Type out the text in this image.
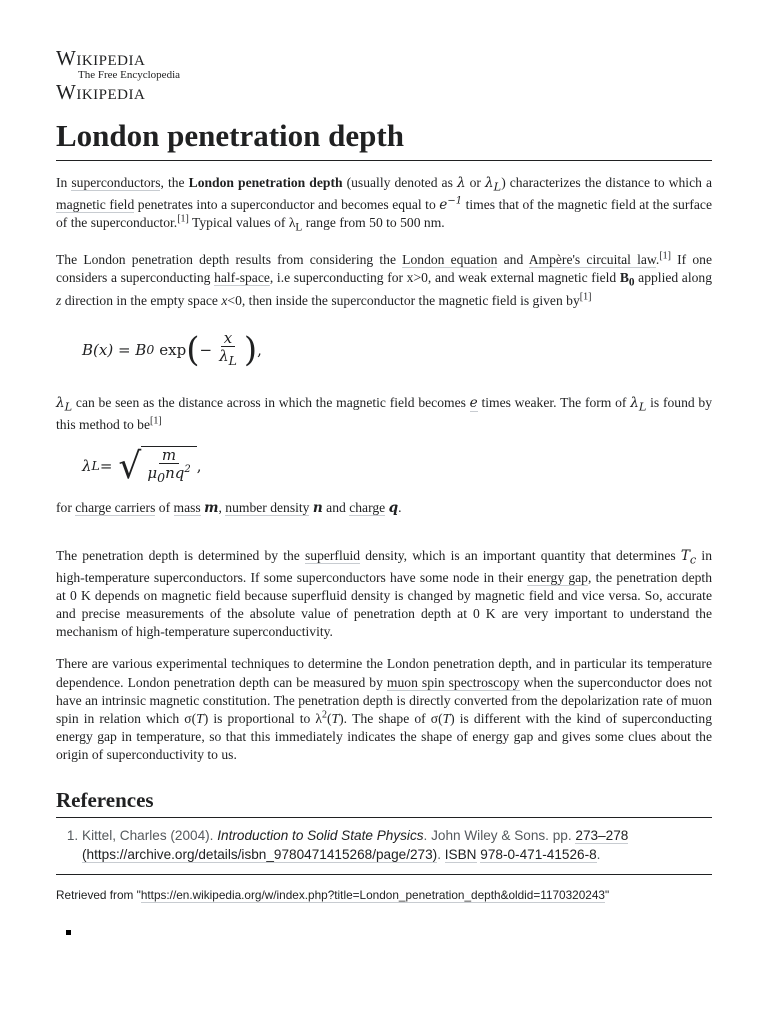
Wikipedia
The Free Encyclopedia
Wikipedia
London penetration depth

In superconductors, the London penetration depth (usually denoted as λ or $\lambda_L$) characterizes the distance to which a magnetic field penetrates into a superconductor and becomes equal to $e^{-1}$ times that of the magnetic field at the surface of the superconductor.[1] Typical values of $\lambda_L$ range from 50 to 500 nm.

The London penetration depth results from considering the London equation and Ampère's circuital law.[1] If one considers a superconducting half-space, i.e superconducting for x>0, and weak external magnetic field $B_0$ applied along z direction in the empty space x<0, then inside the superconductor the magnetic field is given by[1]

B(x) = B 0 exp ( − $\frac{x}{\lambda_L}$ ) ,

$\lambda_L$ can be seen as the distance across in which the magnetic field becomes e times weaker. The form of $\lambda_L$ is found by this method to be[1]

λ L = √ $\frac{m}{\mu_0nq^2}$ ,

for charge carriers of mass m, number density n and charge q.

The penetration depth is determined by the superfluid density, which is an important quantity that determines $T_c$ in high-temperature superconductors. If some superconductors have some node in their energy gap, the penetration depth at 0 K depends on magnetic field because superfluid density is changed by magnetic field and vice versa. So, accurate and precise measurements of the absolute value of penetration depth at 0 K are very important to understand the mechanism of high-temperature superconductivity.

There are various experimental techniques to determine the London penetration depth, and in particular its temperature dependence. London penetration depth can be measured by muon spin spectroscopy when the superconductor does not have an intrinsic magnetic constitution. The penetration depth is directly converted from the depolarization rate of muon spin in relation which σ(T) is proportional to $\lambda^2(T)$. The shape of σ(T) is different with the kind of superconducting energy gap in temperature, so that this immediately indicates the shape of energy gap and gives some clues about the origin of superconductivity to us.

References
1. Kittel, Charles (2004). Introduction to Solid State Physics. John Wiley & Sons. pp. 273–278
(https://archive.org/details/isbn_9780471415268/page/273). ISBN 978-0-471-41526-8.
Retrieved from "https://en.wikipedia.org/w/index.php?title=London_penetration_depth&oldid=1170320243"
